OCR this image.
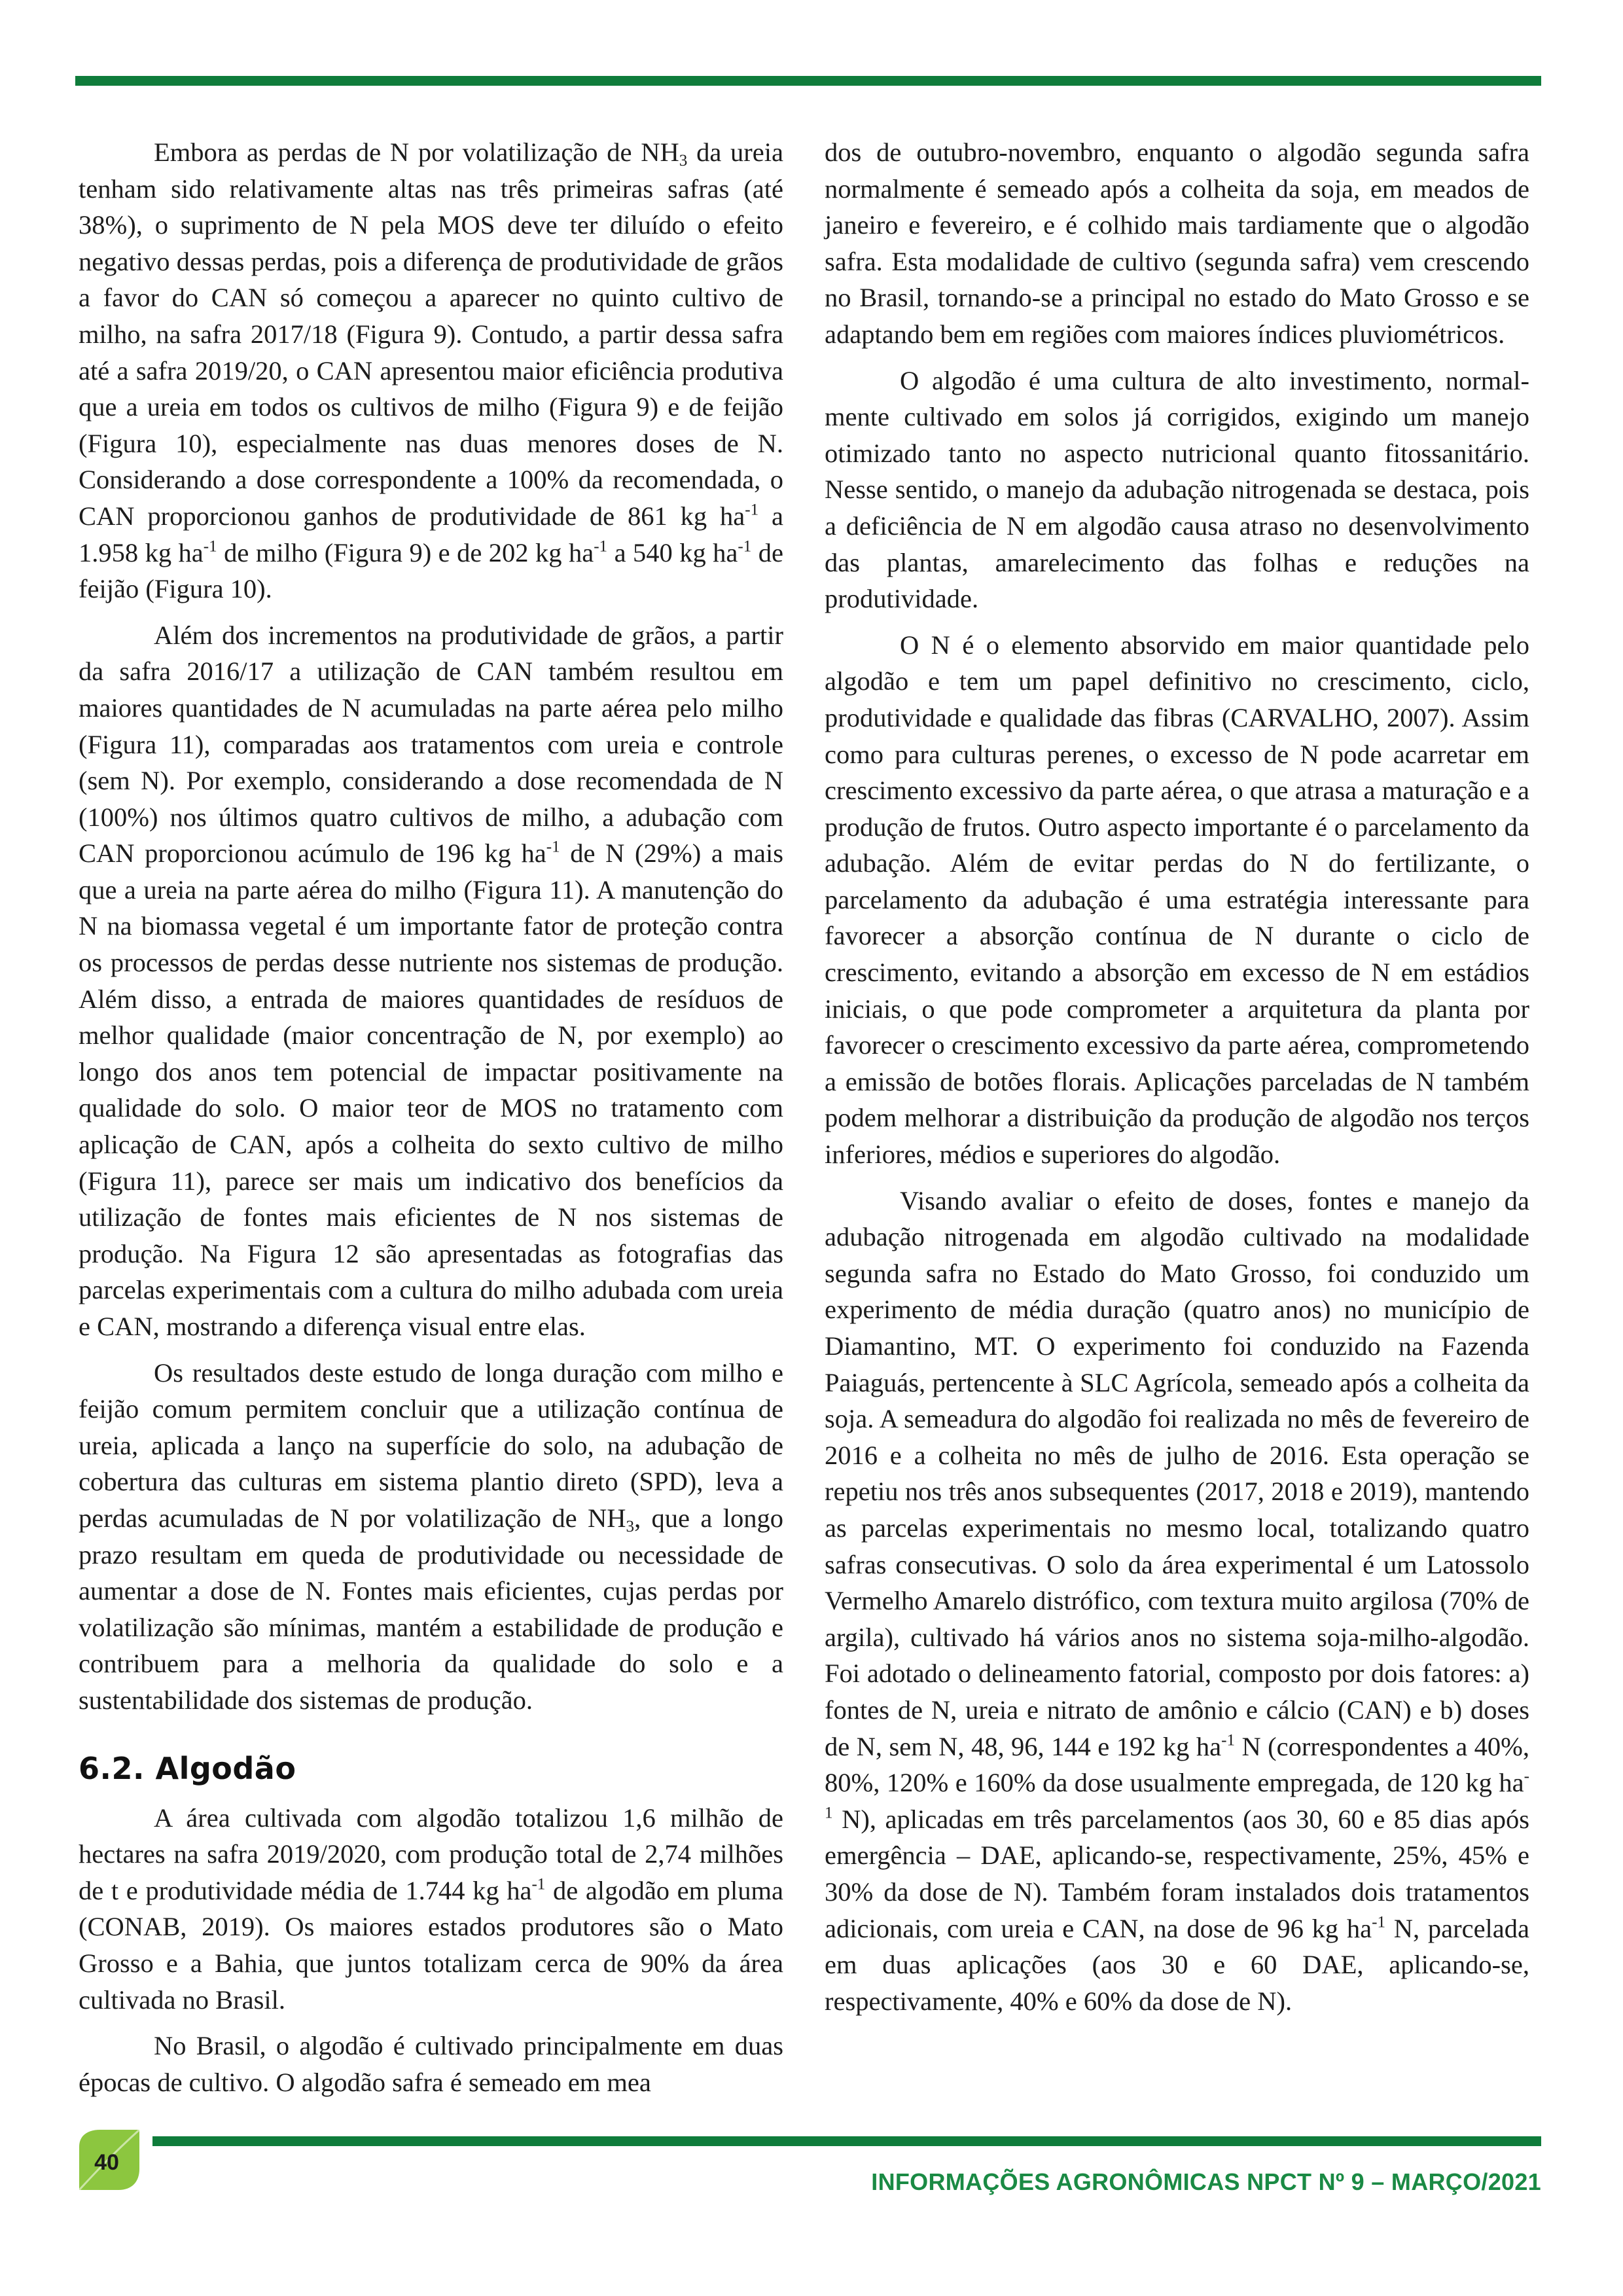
Embora as perdas de N por volatilização de $NH_3$ da ureia tenham sido relativamente altas nas três primeiras safras (até 38%), o suprimento de N pela MOS deve ter diluído o efeito negativo dessas perdas, pois a diferença de produtividade de grãos a favor do CAN só começou a aparecer no quinto cultivo de milho, na safra 2017/18 (Figura 9). Contudo, a partir dessa safra até a safra 2019/20, o CAN apresentou maior eficiência produtiva que a ureia em todos os cultivos de milho (Figura 9) e de feijão (Figura 10), especialmente nas duas menores doses de N. Considerando a dose correspondente a 100% da recomendada, o CAN proporcionou ganhos de produtividade de 861 kg $ha^{-1}$ a 1.958 kg $ha^{-1}$ de milho (Figura 9) e de 202 kg $ha^{-1}$ a 540 kg $ha^{-1}$ de feijão (Figura 10).

Além dos incrementos na produtividade de grãos, a partir da safra 2016/17 a utilização de CAN também resultou em maiores quantidades de N acumuladas na parte aérea pelo milho (Figura 11), comparadas aos tratamentos com ureia e controle (sem N). Por exemplo, considerando a dose recomendada de N (100%) nos últimos quatro cultivos de milho, a adubação com CAN proporcionou acúmulo de 196 kg $ha^{-1}$ de N (29%) a mais que a ureia na parte aérea do milho (Figura 11). A manutenção do N na biomassa vegetal é um importante fator de proteção contra os processos de perdas desse nutriente nos sistemas de produção. Além disso, a entrada de maiores quantidades de resíduos de melhor qualidade (maior concentração de N, por exemplo) ao longo dos anos tem potencial de impactar positivamente na qualidade do solo. O maior teor de MOS no tratamento com aplicação de CAN, após a colheita do sexto cultivo de milho (Figura 11), parece ser mais um indicativo dos benefícios da utilização de fontes mais eficientes de N nos sistemas de produção. Na Figura 12 são apresentadas as fotografias das parcelas experimentais com a cultura do milho adubada com ureia e CAN, mostrando a diferença visual entre elas.

Os resultados deste estudo de longa duração com milho e feijão comum permitem concluir que a utilização contínua de ureia, aplicada a lanço na superfície do solo, na adubação de cobertura das culturas em sistema plantio direto (SPD), leva a perdas acumuladas de N por volatilização de $NH_3$, que a longo prazo resultam em queda de produtividade ou necessidade de aumentar a dose de N. Fontes mais eficientes, cujas perdas por volatilização são mínimas, mantém a estabilidade de produção e contribuem para a melhoria da qualidade do solo e a sustentabilidade dos sistemas de produção.

6.2. Algodão

A área cultivada com algodão totalizou 1,6 milhão de hectares na safra 2019/2020, com produção total de 2,74 milhões de t e produtividade média de 1.744 kg $ha^{-1}$ de algodão em pluma (CONAB, 2019). Os maiores estados produtores são o Mato Grosso e a Bahia, que juntos totalizam cerca de 90% da área cultivada no Brasil.

No Brasil, o algodão é cultivado principalmente em duas épocas de cultivo. O algodão safra é semeado em mea

dos de outubro-novembro, enquanto o algodão segunda safra normalmente é semeado após a colheita da soja, em meados de janeiro e fevereiro, e é colhido mais tardiamente que o algodão safra. Esta modalidade de cultivo (segunda safra) vem crescendo no Brasil, tornando-se a principal no estado do Mato Grosso e se adaptando bem em regiões com maiores índices pluviométricos.

O algodão é uma cultura de alto investimento, normalmente cultivado em solos já corrigidos, exigindo um manejo otimizado tanto no aspecto nutricional quanto fitossanitário. Nesse sentido, o manejo da adubação nitrogenada se destaca, pois a deficiência de N em algodão causa atraso no desenvolvimento das plantas, amarelecimento das folhas e reduções na produtividade.

O N é o elemento absorvido em maior quantidade pelo algodão e tem um papel definitivo no crescimento, ciclo, produtividade e qualidade das fibras (CARVALHO, 2007). Assim como para culturas perenes, o excesso de N pode acarretar em crescimento excessivo da parte aérea, o que atrasa a maturação e a produção de frutos. Outro aspecto importante é o parcelamento da adubação. Além de evitar perdas do N do fertilizante, o parcelamento da adubação é uma estratégia interessante para favorecer a absorção contínua de N durante o ciclo de crescimento, evitando a absorção em excesso de N em estádios iniciais, o que pode comprometer a arquitetura da planta por favorecer o crescimento excessivo da parte aérea, comprometendo a emissão de botões florais. Aplicações parceladas de N também podem melhorar a distribuição da produção de algodão nos terços inferiores, médios e superiores do algodão.

Visando avaliar o efeito de doses, fontes e manejo da adubação nitrogenada em algodão cultivado na modalidade segunda safra no Estado do Mato Grosso, foi conduzido um experimento de média duração (quatro anos) no município de Diamantino, MT. O experimento foi conduzido na Fazenda Paiaguás, pertencente à SLC Agrícola, semeado após a colheita da soja. A semeadura do algodão foi realizada no mês de fevereiro de 2016 e a colheita no mês de julho de 2016. Esta operação se repetiu nos três anos subsequentes (2017, 2018 e 2019), mantendo as parcelas experimentais no mesmo local, totalizando quatro safras consecutivas. O solo da área experimental é um Latossolo Vermelho Amarelo distrófico, com textura muito argilosa (70% de argila), cultivado há vários anos no sistema soja-milho-algodão. Foi adotado o delineamento fatorial, composto por dois fatores: a) fontes de N, ureia e nitrato de amônio e cálcio (CAN) e b) doses de N, sem N, 48, 96, 144 e 192 kg $ha^{-1}$ N (correspondentes a 40%, 80%, 120% e 160% da dose usualmente empregada, de 120 kg $ha^{-1}$ N), aplicadas em três parcelamentos (aos 30, 60 e 85 dias após emergência – DAE, aplicando-se, respectivamente, 25%, 45% e 30% da dose de N). Também foram instalados dois tratamentos adicionais, com ureia e CAN, na dose de 96 kg $ha^{-1}$ N, parcelada em duas aplicações (aos 30 e 60 DAE, aplicando-se, respectivamente, 40% e 60% da dose de N).

40
INFORMAÇÕES AGRONÔMICAS NPCT Nº 9 – MARÇO/2021
